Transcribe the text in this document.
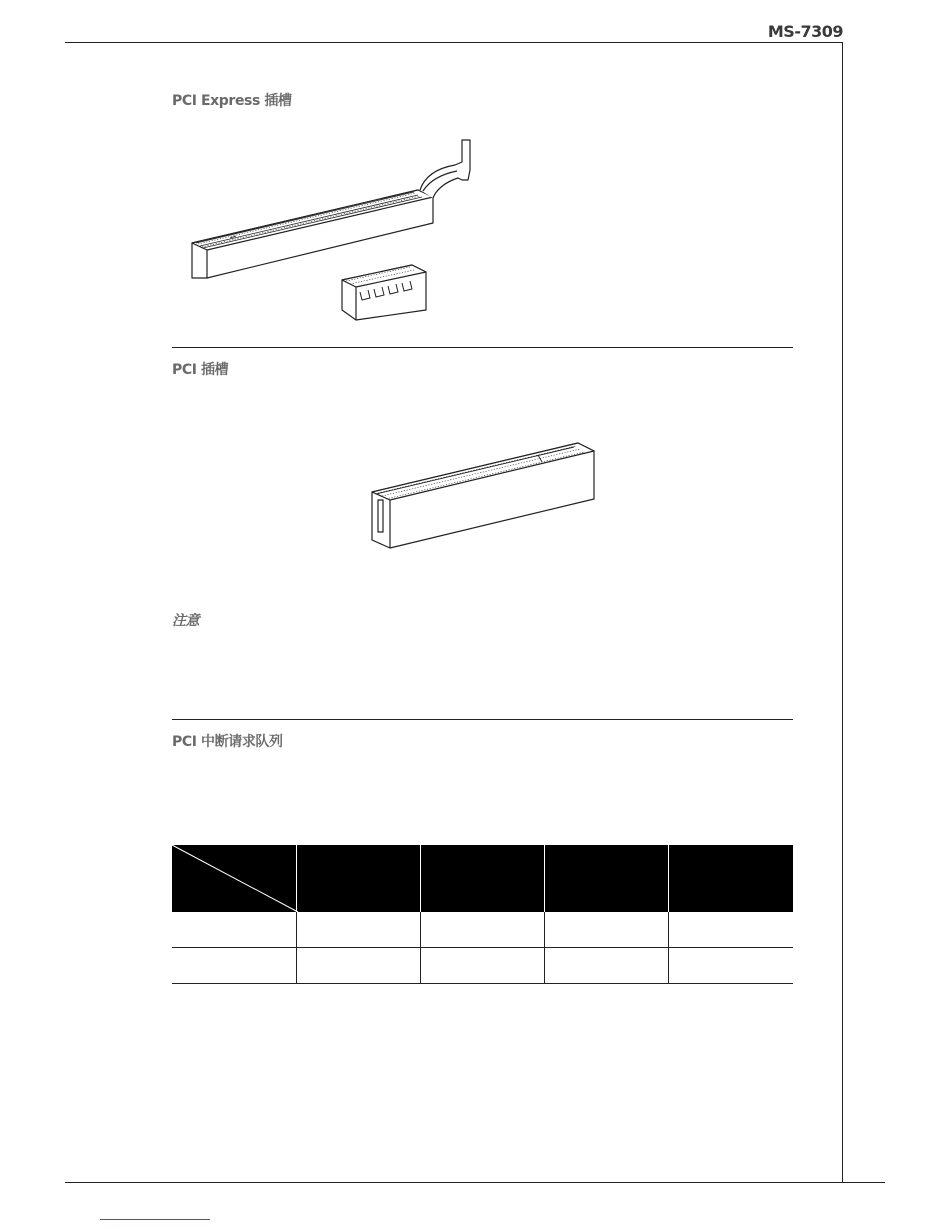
MS-7309
PCI Express 插槽
PCI 插槽
注意
PCI 中断请求队列
